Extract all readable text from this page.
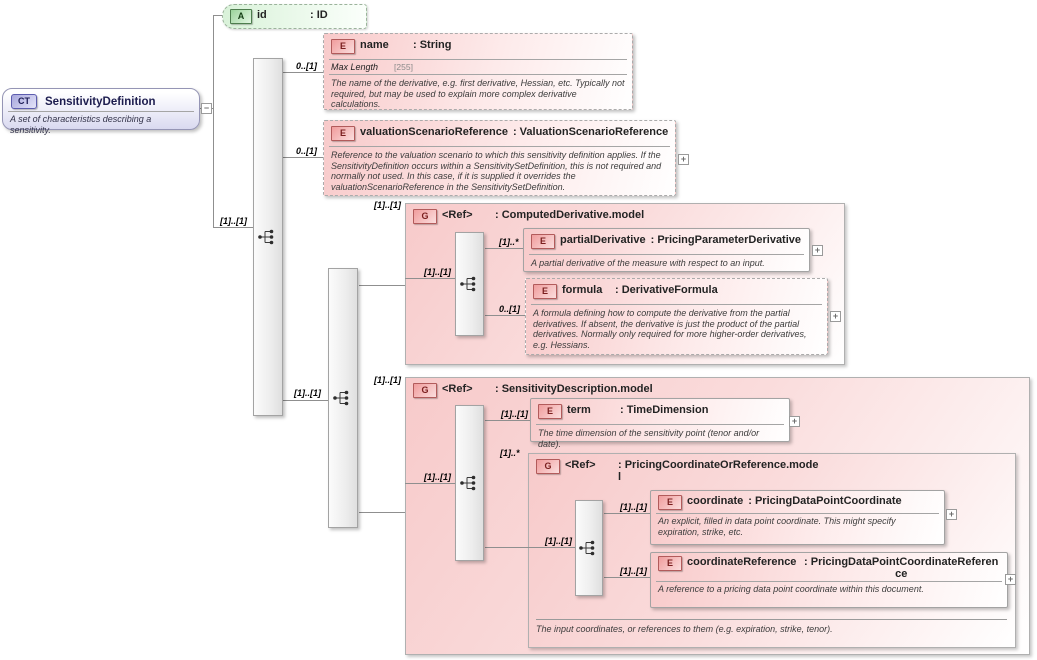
G	<Ref>	: ComputedDerivative.model
G	<Ref>	: SensitivityDescription.model
G	<Ref>	: PricingCoordinateOrReference.model
The input coordinates, or references to them (e.g. expiration, strike, tenor).
CT	SensitivityDefinition
A set of characteristics describing a sensitivity.
A	id	: ID
E	name	: String
Max Length [255]
The name of the derivative, e.g. first derivative, Hessian, etc. Typically not required, but may be used to explain more complex derivative calculations.
E	valuationScenarioReference : ValuationScenarioReference
Reference to the valuation scenario to which this sensitivity definition applies. If the SensitivityDefinition occurs within a SensitivitySetDefinition, this is not required and normally not used. In this case, if it is supplied it overrides the valuationScenarioReference in the SensitivitySetDefinition.
E	partialDerivative : PricingParameterDerivative
A partial derivative of the measure with respect to an input.
E	formula	: DerivativeFormula
A formula defining how to compute the derivative from the partial derivatives. If absent, the derivative is just the product of the partial derivatives. Normally only required for more higher-order derivatives, e.g. Hessians.
E	term	: TimeDimension
The time dimension of the sensitivity point (tenor and/or date).
E	coordinate : PricingDataPointCoordinate
An explicit, filled in data point coordinate. This might specify expiration, strike, etc.
E	coordinateReference : PricingDataPointCoordinateReference
A reference to a pricing data point coordinate within this document.
[1]..[1]
0..[1]
0..[1]
[1]..[1]
[1]..[1]
[1]..[1]
[1]..*
0..[1]
[1]..[1]
[1]..[1]
[1]..[1]
[1]..*
[1]..[1]
[1]..[1]
[1]..[1]
−
+
+
+
+
+
+
